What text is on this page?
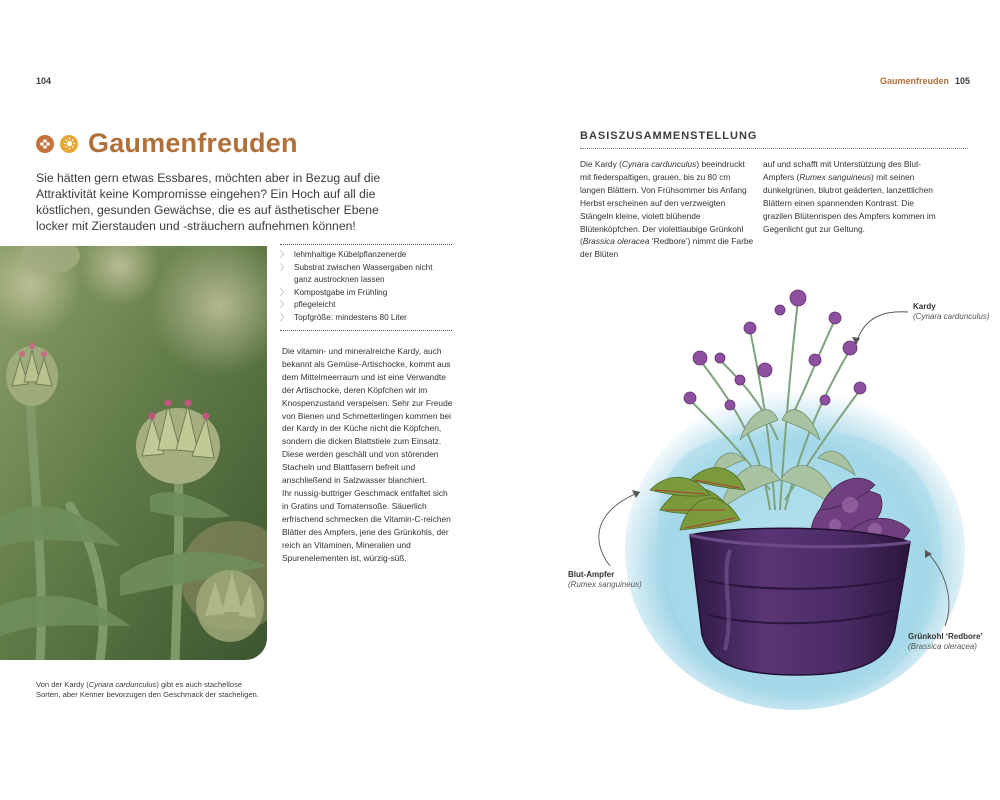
104	Gaumenfreuden 105
Gaumenfreuden
Sie hätten gern etwas Essbares, möchten aber in Bezug auf die Attraktivität keine Kompromisse eingehen? Ein Hoch auf all die köstlichen, gesunden Gewächse, die es auf ästhetischer Ebene locker mit Zierstauden und -sträuchern aufnehmen können!
Von der Kardy (Cynara cardunculus) gibt es auch stachellose Sorten, aber Kenner bevorzugen den Geschmack der stacheligen.
〉 lehmhaltige Kübelpflanzenerde
〉 Substrat zwischen Wassergaben nicht ganz austrocknen lassen
〉 Kompostgabe im Frühling
〉 pflegeleicht
〉 Topfgröße: mindestens 80 Liter

Die vitamin- und mineralreiche Kardy, auch bekannt als Gemüse-Artischocke, kommt aus dem Mittelmeerraum und ist eine Verwandte der Artischocke, deren Köpfchen wir im Knospenzustand verspeisen. Sehr zur Freude von Bienen und Schmetterlingen kommen bei der Kardy in der Küche nicht die Köpfchen, sondern die dicken Blattstiele zum Einsatz. Diese werden geschält und von störenden Stacheln und Blattfasern befreit und anschließend in Salzwasser blanchiert.

Ihr nussig-buttriger Geschmack entfaltet sich in Gratins und Tomatensoße. Säuerlich erfrischend schmecken die Vitamin-C-reichen Blätter des Ampfers, jene des Grünkohls, der reich an Vitaminen, Mineralien und Spurenelementen ist, würzig-süß.

BASISZUSAMMENSTELLUNG
Die Kardy (Cynara cardunculus) beeindruckt mit fiederspaltigen, grauen, bis zu 80 cm langen Blättern. Von Frühsommer bis Anfang Herbst erscheinen auf den verzweigten Stängeln kleine, violett blühende Blütenköpfchen. Der violettlaubige Grünkohl (Brassica oleracea ‘Redbore’) nimmt die Farbe der Blüten
auf und schafft mit Unterstützung des Blut-Ampfers (Rumex sanguineus) mit seinen dunkelgrünen, blutrot geäderten, lanzettlichen Blättern einen spannenden Kontrast. Die grazilen Blütenrispen des Ampfers kommen im Gegenlicht gut zur Geltung.
Kardy
(Cynara cardunculus)
Blut-Ampfer
(Rumex sanguineus)
Grünkohl ‘Redbore’
(Brassica oleracea)
